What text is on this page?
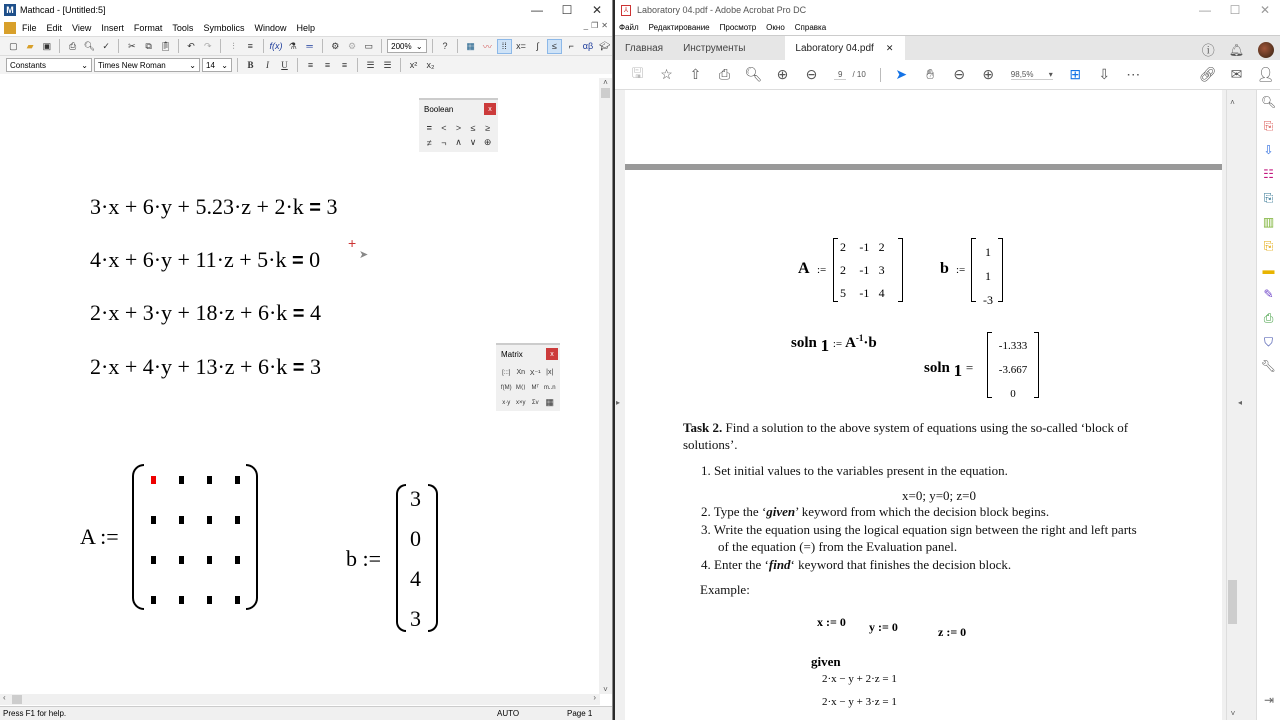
M Mathcad - [Untitled:5]	—	☐	✕
File Edit View Insert Format Tools Symbolics Window Help	_ ❐ ✕
▢	▰	▣	⎙ 🔍︎ ✓	✂	⧉ 📋︎	↶	↷	⫶	≡	f(x) ⚗	═	⚙ ⚙ ▭	200% ⌄	?	▦ 〰	⁞⁞	x=	∫	≤	⌐ αβ 🎓︎
Constants	⌄ Times New Roman	⌄ 14 ⌄	B	I	U	≡	≡	≡	☰ ☰	x²	x₂
3·x + 6·y + 5.23·z + 2·k = 3
4·x + 6·y + 11·z + 5·k = 0
2·x + 3·y + 18·z + 6·k = 4
2·x + 4·y + 13·z + 6·k = 3
+
➤
A :=
b :=
3
0
4
3
Boolean	x
=	<	>	≤	≥
≠	¬ ∧ ∨ ⊕
Matrix	x
[:::] Xn X⁻¹ |x|
f(M) M⟨⟩ Mᵀ m..n
x·y x×y	Σv ▦
˄
˅
‹	›
Press F1 for help.	AUTO	Page 1
⅄ Laboratory 04.pdf - Adobe Acrobat Pro DC	—	☐	✕
Файл Редактирование Просмотр Окно Справка
Главная	Инструменты	Laboratory 04.pdf ✕	ⓘ 🔔︎
🖫	☆	⇧	⎙	🔍︎	⊕	⊖	9	/ 10	➤	✋︎	⊖	⊕	98,5% ▾	⊞	⇩	⋯	🔗︎	✉	👤︎
A :=
2	-1 2
2	-1 3
5	-1 4
b :=
1
1
-3
soln 1 := $A^{-1}\cdot b$
soln 1 =
-1.333
-3.667
0
Task 2. Find a solution to the above system of equations using the so-called ‘block of
solutions’.
1. Set initial values to the variables present in the equation.
x=0; y=0; z=0
2. Type the ‘given’ keyword from which the decision block begins.
3. Write the equation using the logical equation sign between the right and left parts
of the equation (=) from the Evaluation panel.
4. Enter the ‘find‘ keyword that finishes the decision block.
Example:
x := 0 y := 0	z := 0
given
2·x − y + 2·z = 1
2·x − y + 3·z = 1
˄
˅
▸	◂
🔍︎
⎘
⇩
☷
⎘
▥
⎘
▬
✎
⎙
⛉
🔧︎
⇥
